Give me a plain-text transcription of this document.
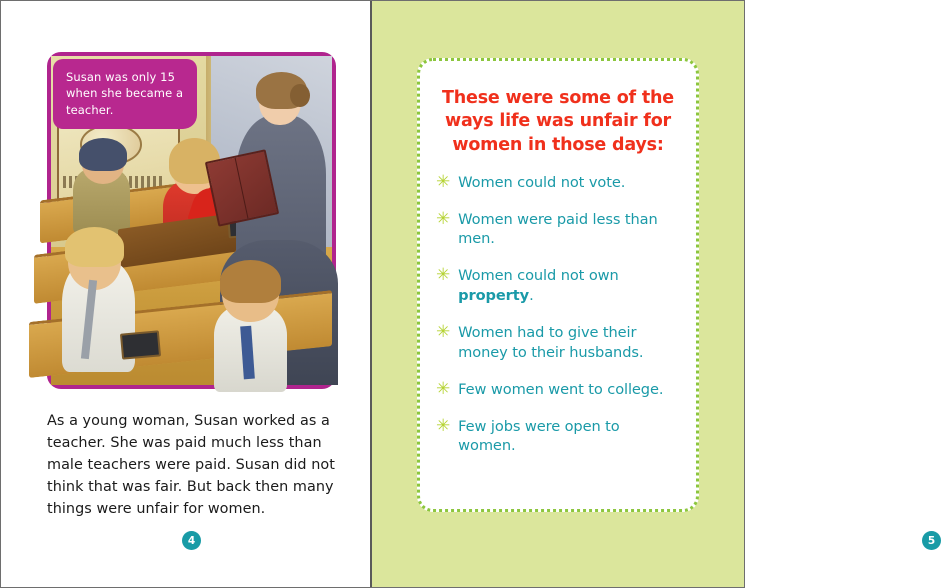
Susan was only 15 when she became a teacher.

As a young woman, Susan worked as a teacher. She was paid much less than male teachers were paid. Susan did not think that was fair. But back then many things were unfair for women.

4
These were some of the ways life was unfair for women in those days:
✳ Women could not vote.
✳ Women were paid less than men.
✳ Women could not own property.
✳ Women had to give their money to their husbands.
✳ Few women went to college.
✳ Few jobs were open to women.
5
